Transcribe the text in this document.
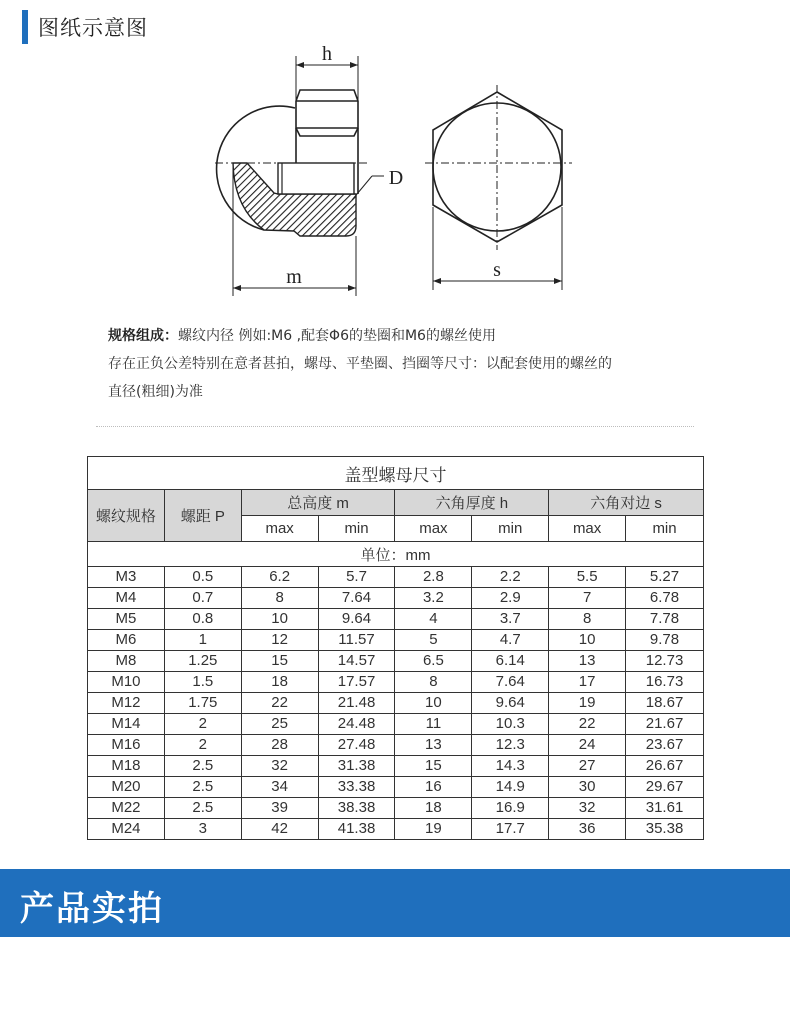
图纸示意图
h
D
m	s
规格组成：螺纹内径 例如:M6 ,配套Φ6的垫圈和M6的螺丝使用
存在正负公差特别在意者甚拍，螺母、平垫圈、挡圈等尺寸：以配套使用的螺丝的
直径(粗细)为准
盖型螺母尺寸							
螺纹规格	螺距 P	总高度 m		六角厚度 h		六角对边 s	
		max	min	max	min	max	min
单位：mm							
M3	0.5	6.2	5.7	2.8	2.2	5.5	5.27
M4	0.7	8	7.64	3.2	2.9	7	6.78
M5	0.8	10	9.64	4	3.7	8	7.78
M6	1	12	11.57	5	4.7	10	9.78
M8	1.25	15	14.57	6.5	6.14	13	12.73
M10	1.5	18	17.57	8	7.64	17	16.73
M12	1.75	22	21.48	10	9.64	19	18.67
M14	2	25	24.48	11	10.3	22	21.67
M16	2	28	27.48	13	12.3	24	23.67
M18	2.5	32	31.38	15	14.3	27	26.67
M20	2.5	34	33.38	16	14.9	30	29.67
M22	2.5	39	38.38	18	16.9	32	31.61
M24	3	42	41.38	19	17.7	36	35.38
产品实拍
